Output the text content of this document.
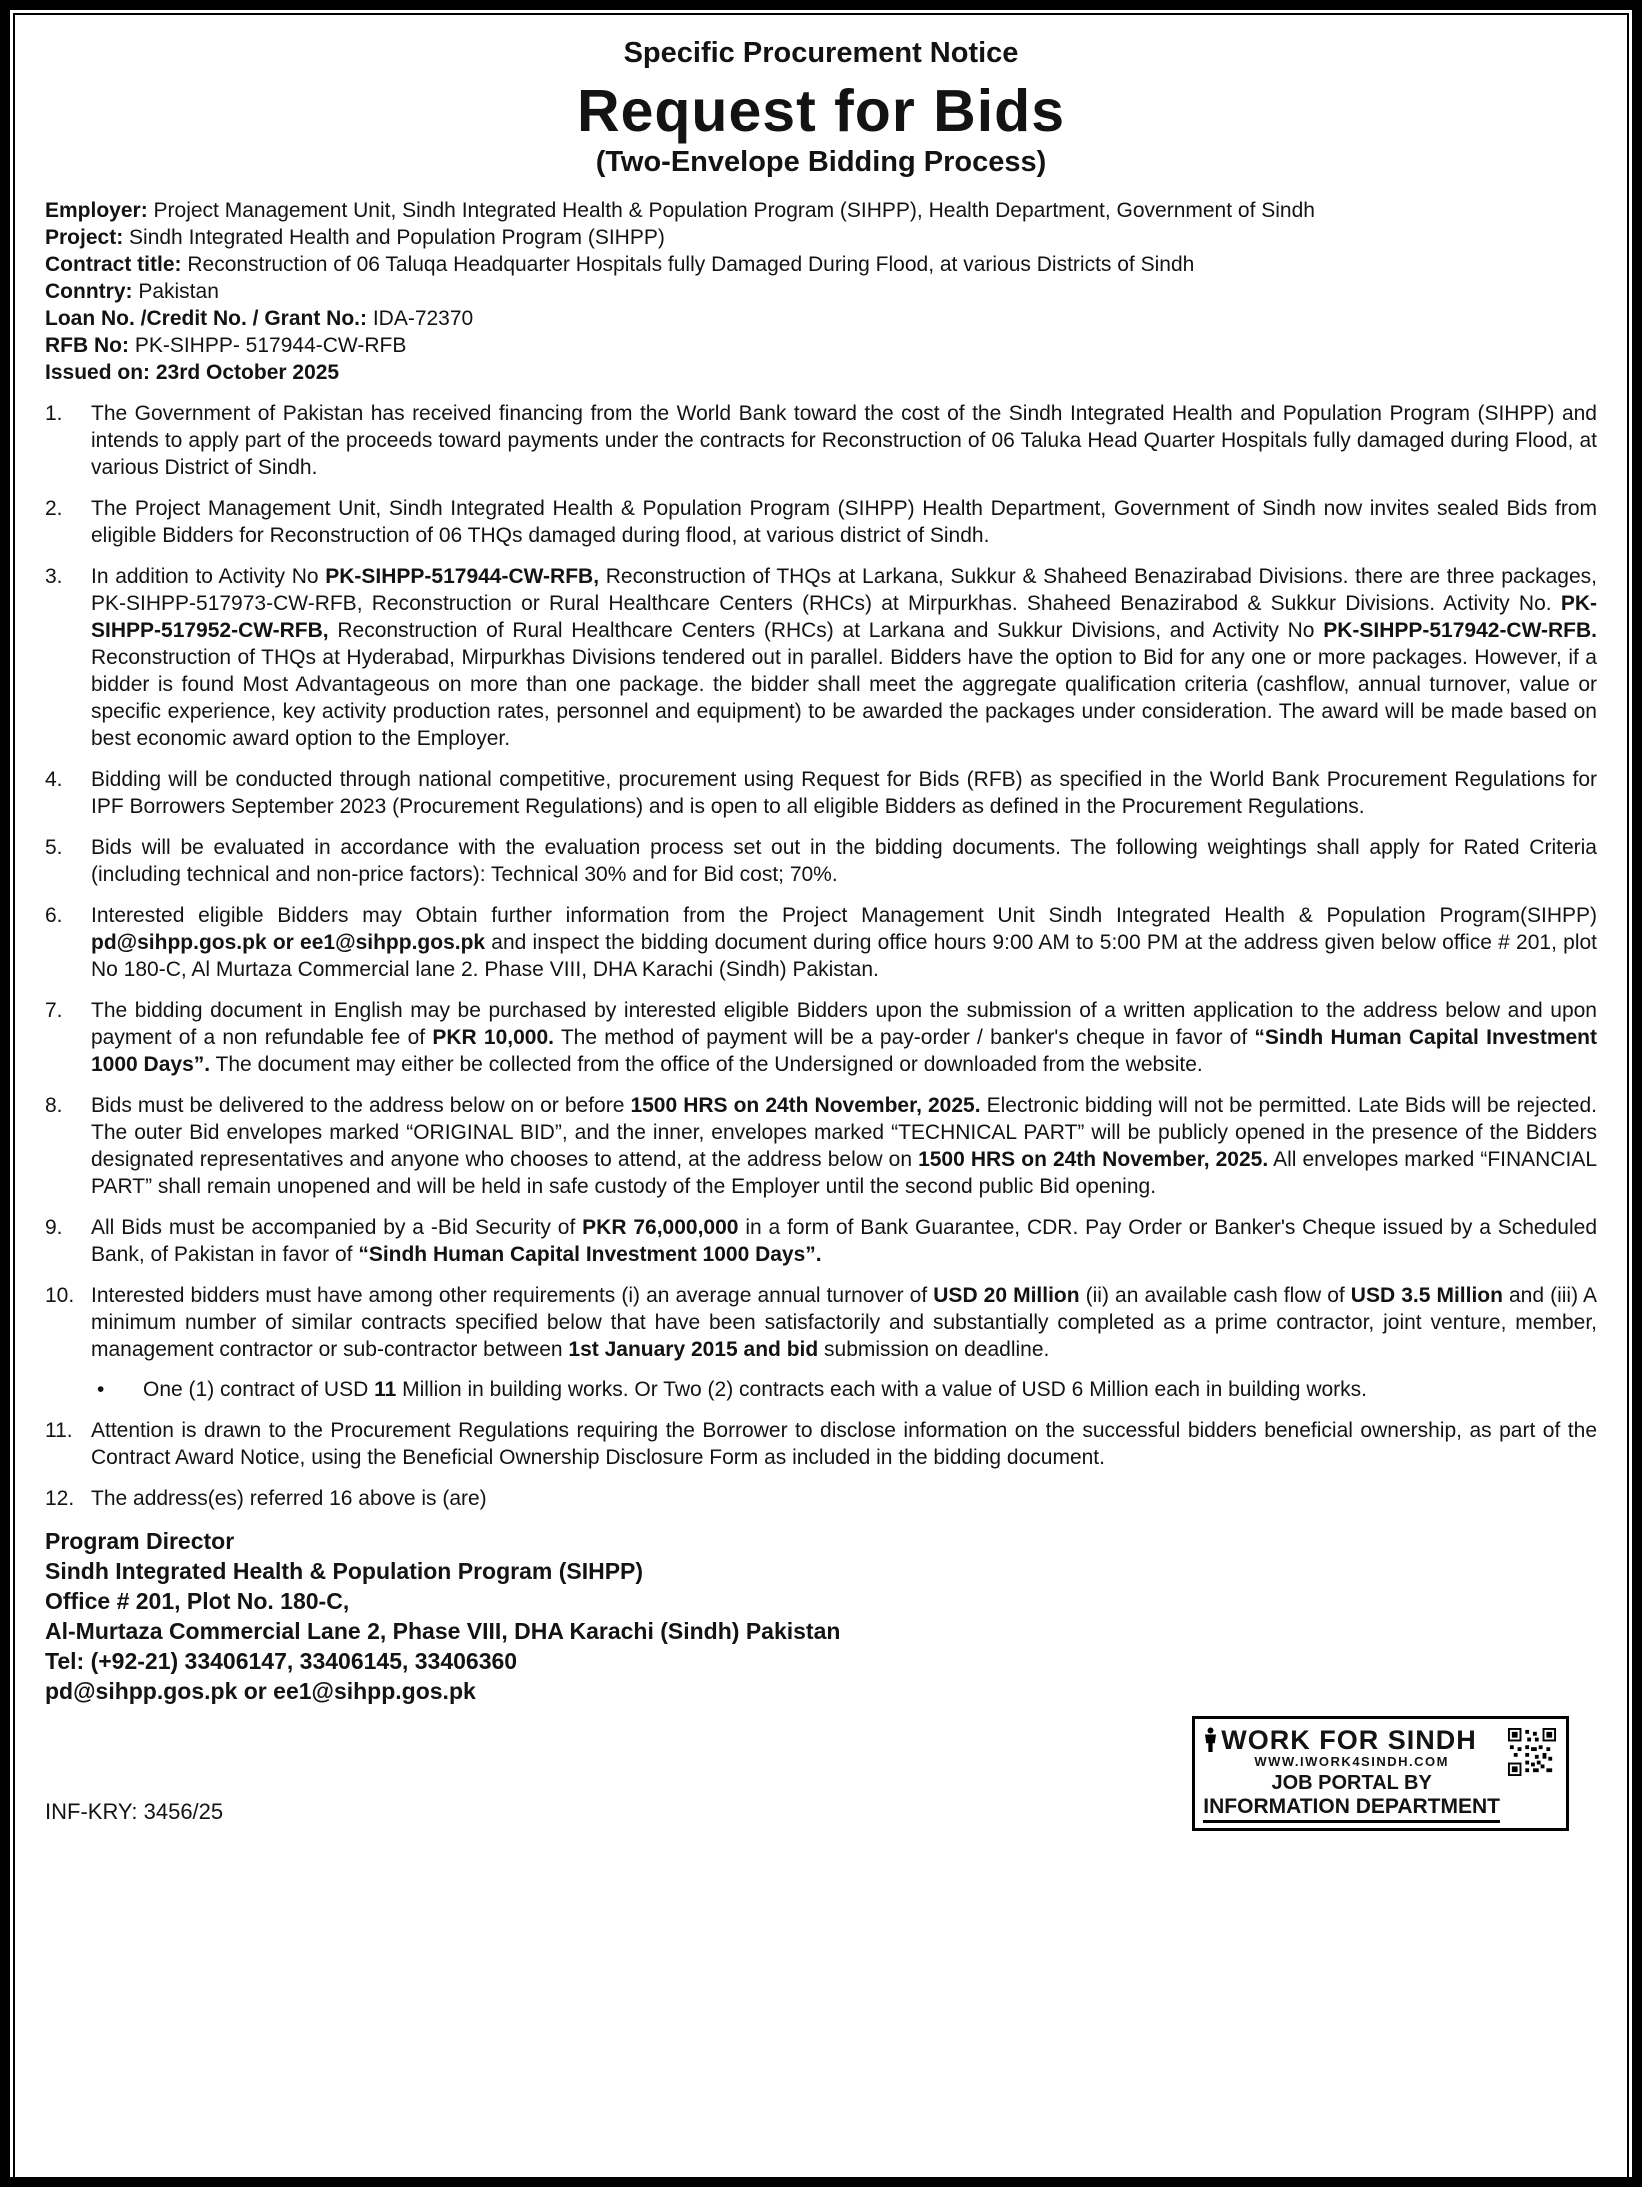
Specific Procurement Notice
Request for Bids
(Two-Envelope Bidding Process)

Employer: Project Management Unit, Sindh Integrated Health & Population Program (SIHPP), Health Department, Government of Sindh

Project: Sindh Integrated Health and Population Program (SIHPP)

Contract title: Reconstruction of 06 Taluqa Headquarter Hospitals fully Damaged During Flood, at various Districts of Sindh

Conntry: Pakistan

Loan No. /Credit No. / Grant No.: IDA-72370

RFB No: PK-SIHPP- 517944-CW-RFB

Issued on: 23rd October 2025

1.	The Government of Pakistan has received financing from the World Bank toward the cost of the Sindh Integrated Health and Population Program (SIHPP) and intends to apply part of the proceeds toward payments under the contracts for Reconstruction of 06 Taluka Head Quarter Hospitals fully damaged during Flood, at various District of Sindh.
2.	The Project Management Unit, Sindh Integrated Health & Population Program (SIHPP) Health Department, Government of Sindh now invites sealed Bids from eligible Bidders for Reconstruction of 06 THQs damaged during flood, at various district of Sindh.
3.	In addition to Activity No PK-SIHPP-517944-CW-RFB, Reconstruction of THQs at Larkana, Sukkur & Shaheed Benazirabad Divisions. there are three packages, PK-SIHPP-517973-CW-RFB, Reconstruction or Rural Healthcare Centers (RHCs) at Mirpurkhas. Shaheed Benazirabod & Sukkur Divisions. Activity No. PK-SIHPP-517952-CW-RFB, Reconstruction of Rural Healthcare Centers (RHCs) at Larkana and Sukkur Divisions, and Activity No PK-SIHPP-517942-CW-RFB. Reconstruction of THQs at Hyderabad, Mirpurkhas Divisions tendered out in parallel. Bidders have the option to Bid for any one or more packages. However, if a bidder is found Most Advantageous on more than one package. the bidder shall meet the aggregate qualification criteria (cashflow, annual turnover, value or specific experience, key activity production rates, personnel and equipment) to be awarded the packages under consideration. The award will be made based on best economic award option to the Employer.
4.	Bidding will be conducted through national competitive, procurement using Request for Bids (RFB) as specified in the World Bank Procurement Regulations for IPF Borrowers September 2023 (Procurement Regulations) and is open to all eligible Bidders as defined in the Procurement Regulations.
5.	Bids will be evaluated in accordance with the evaluation process set out in the bidding documents. The following weightings shall apply for Rated Criteria (including technical and non-price factors): Technical 30% and for Bid cost; 70%.
6.	Interested eligible Bidders may Obtain further information from the Project Management Unit Sindh Integrated Health & Population Program(SIHPP) pd@sihpp.gos.pk or ee1@sihpp.gos.pk and inspect the bidding document during office hours 9:00 AM to 5:00 PM at the address given below office # 201, plot No 180-C, Al Murtaza Commercial lane 2. Phase VIII, DHA Karachi (Sindh) Pakistan.
7.	The bidding document in English may be purchased by interested eligible Bidders upon the submission of a written application to the address below and upon payment of a non refundable fee of PKR 10,000. The method of payment will be a pay-order / banker's cheque in favor of “Sindh Human Capital Investment 1000 Days”. The document may either be collected from the office of the Undersigned or downloaded from the website.
8.	Bids must be delivered to the address below on or before 1500 HRS on 24th November, 2025. Electronic bidding will not be permitted. Late Bids will be rejected. The outer Bid envelopes marked “ORIGINAL BID”, and the inner, envelopes marked “TECHNICAL PART” will be publicly opened in the presence of the Bidders designated representatives and anyone who chooses to attend, at the address below on 1500 HRS on 24th November, 2025. All envelopes marked “FINANCIAL PART” shall remain unopened and will be held in safe custody of the Employer until the second public Bid opening.
9.	All Bids must be accompanied by a -Bid Security of PKR 76,000,000 in a form of Bank Guarantee, CDR. Pay Order or Banker's Cheque issued by a Scheduled Bank, of Pakistan in favor of “Sindh Human Capital Investment 1000 Days”.
10. Interested bidders must have among other requirements (i) an average annual turnover of USD 20 Million (ii) an available cash flow of USD 3.5 Million and (iii) A minimum number of similar contracts specified below that have been satisfactorily and substantially completed as a prime contractor, joint venture, member, management contractor or sub-contractor between 1st January 2015 and bid submission on deadline.
•	One (1) contract of USD 11 Million in building works. Or Two (2) contracts each with a value of USD 6 Million each in building works.
11. Attention is drawn to the Procurement Regulations requiring the Borrower to disclose information on the successful bidders beneficial ownership, as part of the Contract Award Notice, using the Beneficial Ownership Disclosure Form as included in the bidding document.
12. The address(es) referred 16 above is (are)
Program Director
Sindh Integrated Health & Population Program (SIHPP)
Office # 201, Plot No. 180-C,
Al-Murtaza Commercial Lane 2, Phase VIII, DHA Karachi (Sindh) Pakistan
Tel: (+92-21) 33406147, 33406145, 33406360
pd@sihpp.gos.pk or ee1@sihpp.gos.pk
INF-KRY: 3456/25
WORK FOR SINDH
WWW.IWORK4SINDH.COM
JOB PORTAL BY
INFORMATION DEPARTMENT
